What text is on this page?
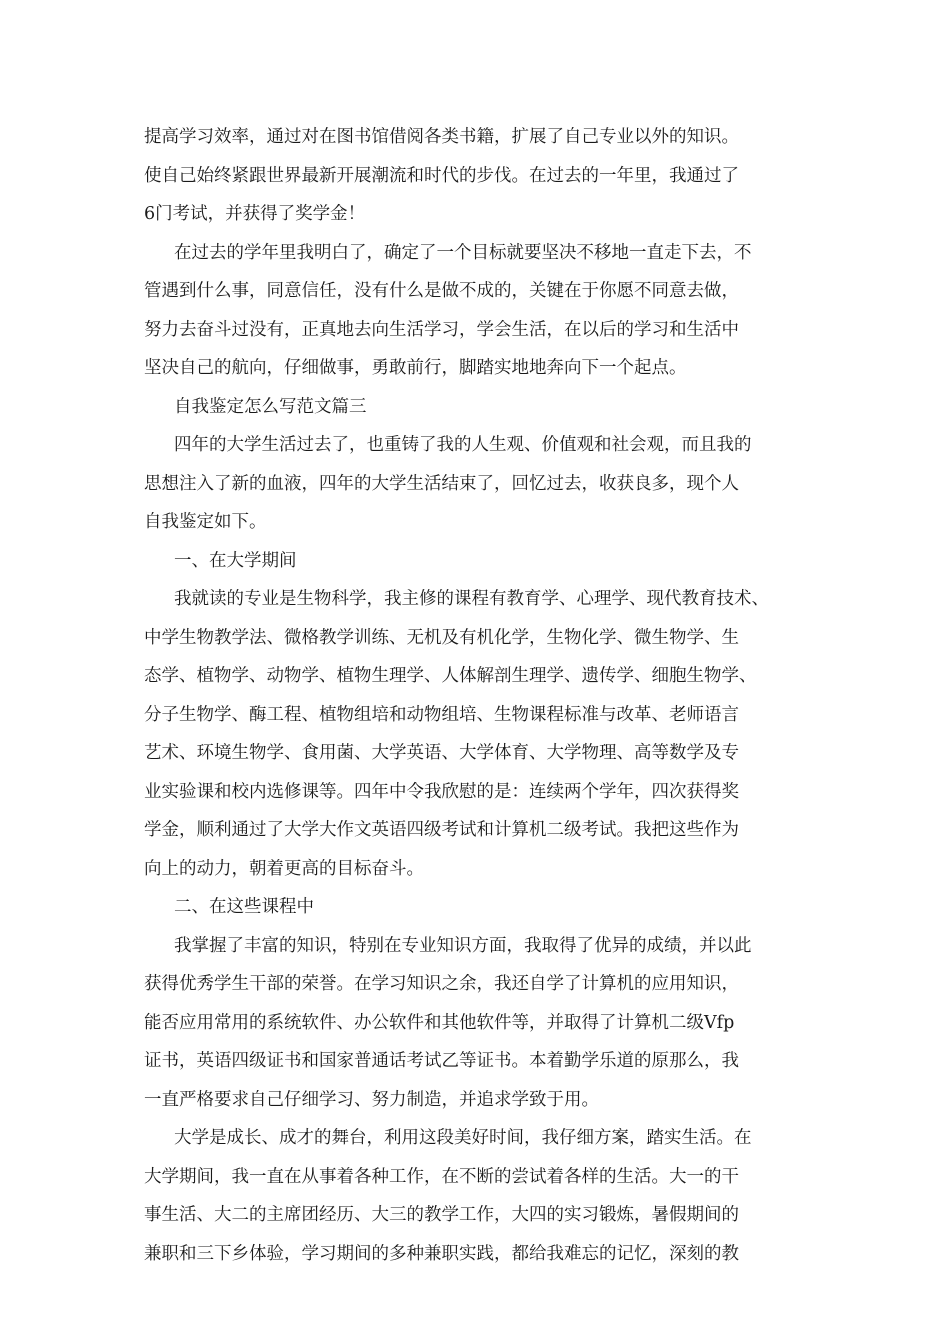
提高学习效率，通过对在图书馆借阅各类书籍，扩展了自己专业以外的知识。
使自己始终紧跟世界最新开展潮流和时代的步伐。在过去的一年里，我通过了
6门考试，并获得了奖学金！
在过去的学年里我明白了，确定了一个目标就要坚决不移地一直走下去，不
管遇到什么事，同意信任，没有什么是做不成的，关键在于你愿不同意去做，
努力去奋斗过没有，正真地去向生活学习，学会生活，在以后的学习和生活中
坚决自己的航向，仔细做事，勇敢前行，脚踏实地地奔向下一个起点。
自我鉴定怎么写范文篇三
四年的大学生活过去了，也重铸了我的人生观、价值观和社会观，而且我的
思想注入了新的血液，四年的大学生活结束了，回忆过去，收获良多，现个人
自我鉴定如下。
一、在大学期间
我就读的专业是生物科学，我主修的课程有教育学、心理学、现代教育技术、
中学生物教学法、微格教学训练、无机及有机化学，生物化学、微生物学、生
态学、植物学、动物学、植物生理学、人体解剖生理学、遗传学、细胞生物学、
分子生物学、酶工程、植物组培和动物组培、生物课程标准与改革、老师语言
艺术、环境生物学、食用菌、大学英语、大学体育、大学物理、高等数学及专
业实验课和校内选修课等。四年中令我欣慰的是：连续两个学年，四次获得奖
学金，顺利通过了大学大作文英语四级考试和计算机二级考试。我把这些作为
向上的动力，朝着更高的目标奋斗。
二、在这些课程中
我掌握了丰富的知识，特别在专业知识方面，我取得了优异的成绩，并以此
获得优秀学生干部的荣誉。在学习知识之余，我还自学了计算机的应用知识，
能否应用常用的系统软件、办公软件和其他软件等，并取得了计算机二级Vfp
证书，英语四级证书和国家普通话考试乙等证书。本着勤学乐道的原那么，我
一直严格要求自己仔细学习、努力制造，并追求学致于用。
大学是成长、成才的舞台，利用这段美好时间，我仔细方案，踏实生活。在
大学期间，我一直在从事着各种工作，在不断的尝试着各样的生活。大一的干
事生活、大二的主席团经历、大三的教学工作，大四的实习锻炼，暑假期间的
兼职和三下乡体验，学习期间的多种兼职实践，都给我难忘的记忆，深刻的教
